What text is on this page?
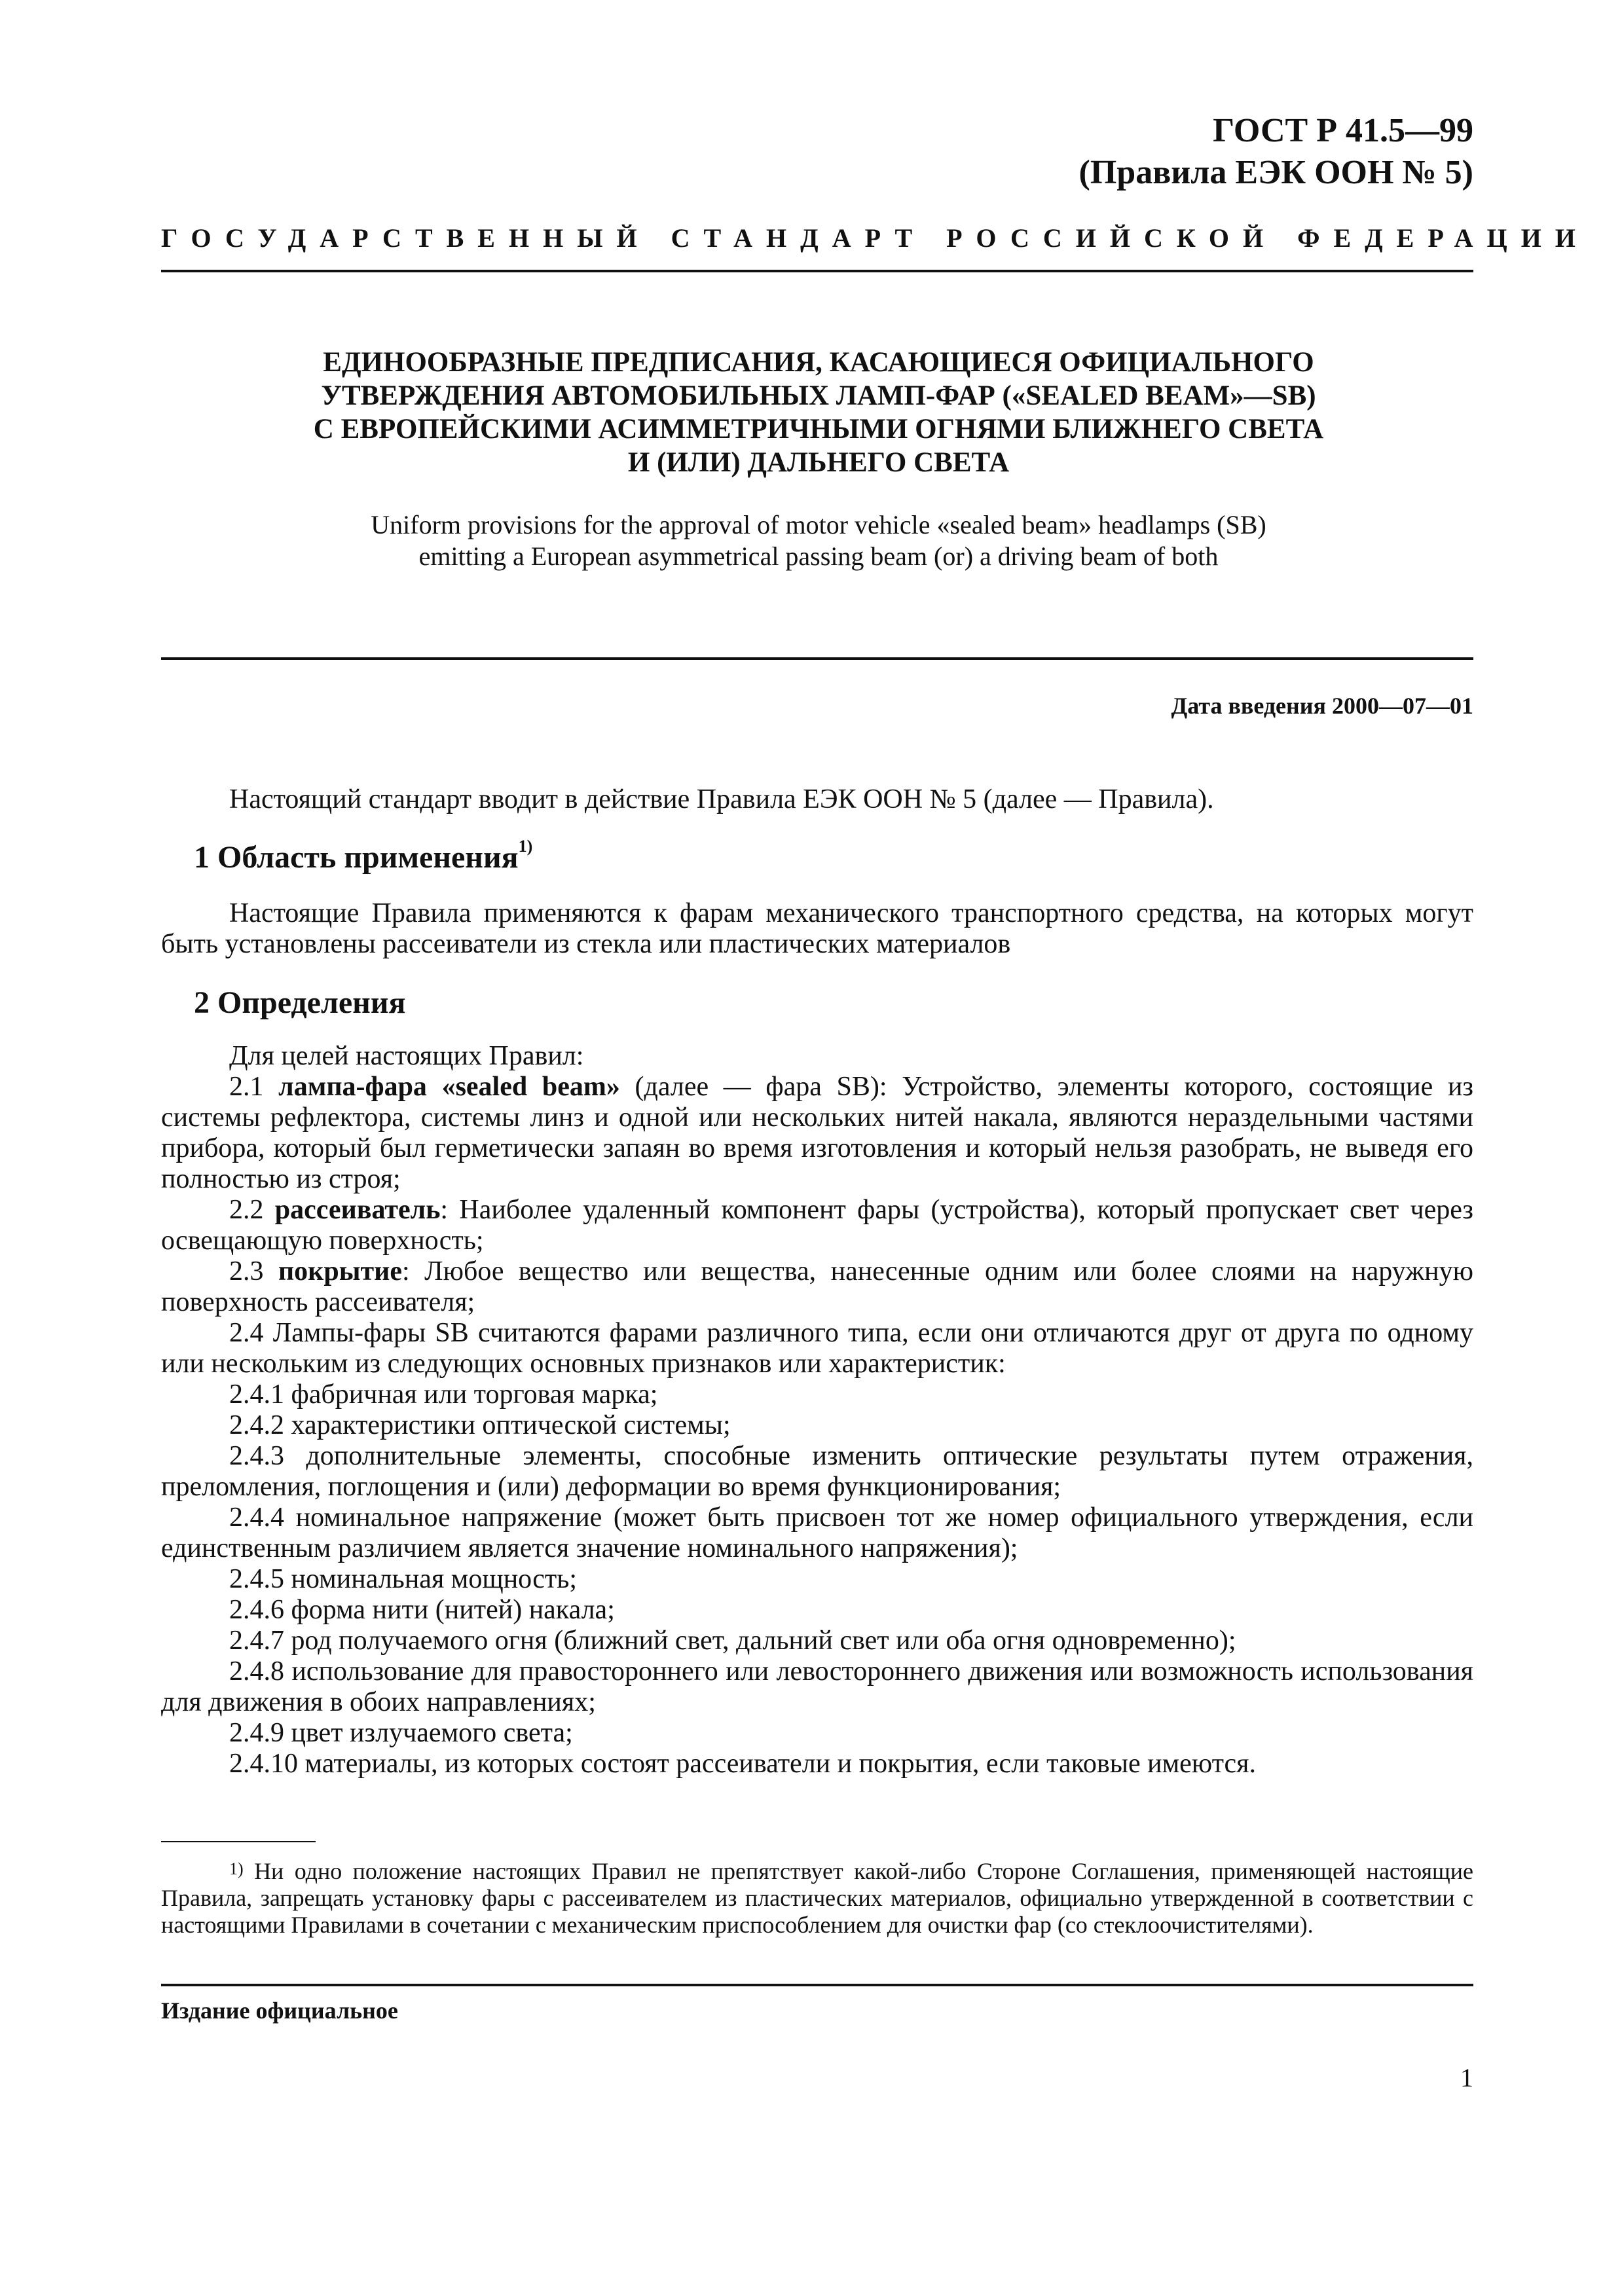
ГОСТ Р 41.5—99
(Правила ЕЭК ООН № 5)
ГОСУДАРСТВЕННЫЙ СТАНДАРТ РОССИЙСКОЙ ФЕДЕРАЦИИ
ЕДИНООБРАЗНЫЕ ПРЕДПИСАНИЯ, КАСАЮЩИЕСЯ ОФИЦИАЛЬНОГО
УТВЕРЖДЕНИЯ АВТОМОБИЛЬНЫХ ЛАМП-ФАР («SEALED BEAM»—SB)
С ЕВРОПЕЙСКИМИ АСИММЕТРИЧНЫМИ ОГНЯМИ БЛИЖНЕГО СВЕТА
И (ИЛИ) ДАЛЬНЕГО СВЕТА
Uniform provisions for the approval of motor vehicle «sealed beam» headlamps (SB)
emitting a European asymmetrical passing beam (or) a driving beam of both
Дата введения 2000—07—01
Настоящий стандарт вводит в действие Правила ЕЭК ООН № 5 (далее — Правила).
1 Область применения$^{1)}$
Настоящие Правила применяются к фарам механического транспортного средства, на которых могут быть установлены рассеиватели из стекла или пластических материалов
2 Определения
Для целей настоящих Правил:
2.1 лампа-фара «sealed beam» (далее — фара SB): Устройство, элементы которого, состоящие из системы рефлектора, системы линз и одной или нескольких нитей накала, являются нераздельными частями прибора, который был герметически запаян во время изготовления и который нельзя разобрать, не выведя его полностью из строя;
2.2 рассеиватель: Наиболее удаленный компонент фары (устройства), который пропускает свет через освещающую поверхность;
2.3 покрытие: Любое вещество или вещества, нанесенные одним или более слоями на наружную поверхность рассеивателя;
2.4 Лампы-фары SB считаются фарами различного типа, если они отличаются друг от друга по одному или нескольким из следующих основных признаков или характеристик:
2.4.1 фабричная или торговая марка;
2.4.2 характеристики оптической системы;
2.4.3 дополнительные элементы, способные изменить оптические результаты путем отражения, преломления, поглощения и (или) деформации во время функционирования;
2.4.4 номинальное напряжение (может быть присвоен тот же номер официального утверждения, если единственным различием является значение номинального напряжения);
2.4.5 номинальная мощность;
2.4.6 форма нити (нитей) накала;
2.4.7 род получаемого огня (ближний свет, дальний свет или оба огня одновременно);
2.4.8 использование для правостороннего или левостороннего движения или возможность использования для движения в обоих направлениях;
2.4.9 цвет излучаемого света;
2.4.10 материалы, из которых состоят рассеиватели и покрытия, если таковые имеются.
$^{1)}$ Ни одно положение настоящих Правил не препятствует какой-либо Стороне Соглашения, применяющей настоящие Правила, запрещать установку фары с рассеивателем из пластических материалов, официально утвержденной в соответствии с настоящими Правилами в сочетании с механическим приспособлением для очистки фар (со стеклоочистителями).
Издание официальное
1
